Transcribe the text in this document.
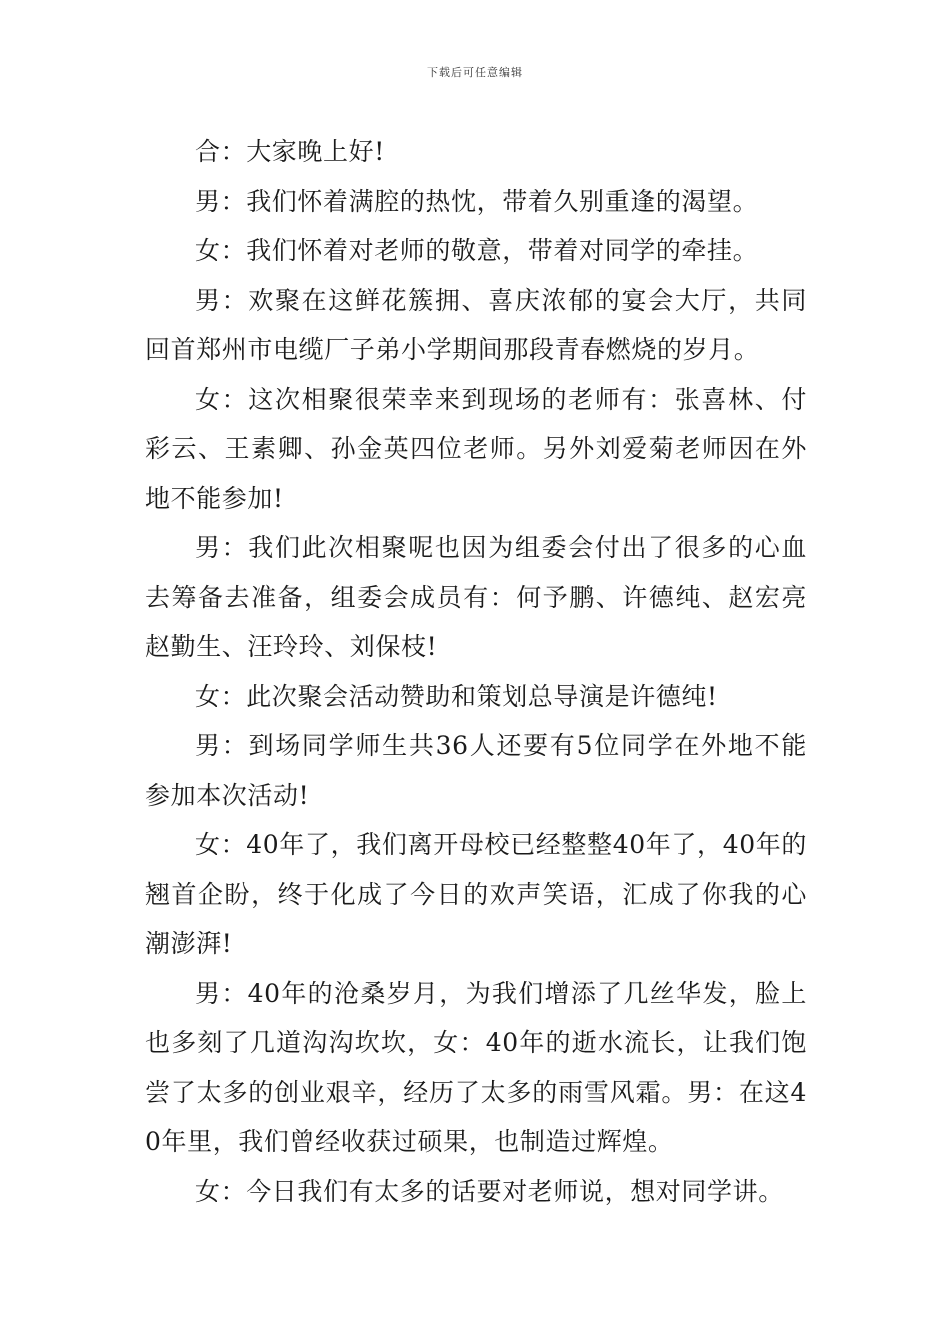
下载后可任意编辑

合：大家晚上好!

男：我们怀着满腔的热忱，带着久别重逢的渴望。

女：我们怀着对老师的敬意，带着对同学的牵挂。

男：欢聚在这鲜花簇拥、喜庆浓郁的宴会大厅，共同回首郑州市电缆厂子弟小学期间那段青春燃烧的岁月。

女：这次相聚很荣幸来到现场的老师有：张喜林、付彩云、王素卿、孙金英四位老师。另外刘爱菊老师因在外地不能参加!

男：我们此次相聚呢也因为组委会付出了很多的心血去筹备去准备，组委会成员有：何予鹏、许德纯、赵宏亮赵勤生、汪玲玲、刘保枝!

女：此次聚会活动赞助和策划总导演是许德纯!

男：到场同学师生共36人还要有5位同学在外地不能参加本次活动!

女：40年了，我们离开母校已经整整40年了，40年的翘首企盼，终于化成了今日的欢声笑语，汇成了你我的心潮澎湃!

男：40年的沧桑岁月，为我们增添了几丝华发，脸上也多刻了几道沟沟坎坎，女：40年的逝水流长，让我们饱尝了太多的创业艰辛，经历了太多的雨雪风霜。男：在这40年里，我们曾经收获过硕果，也制造过辉煌。

女：今日我们有太多的话要对老师说，想对同学讲。
